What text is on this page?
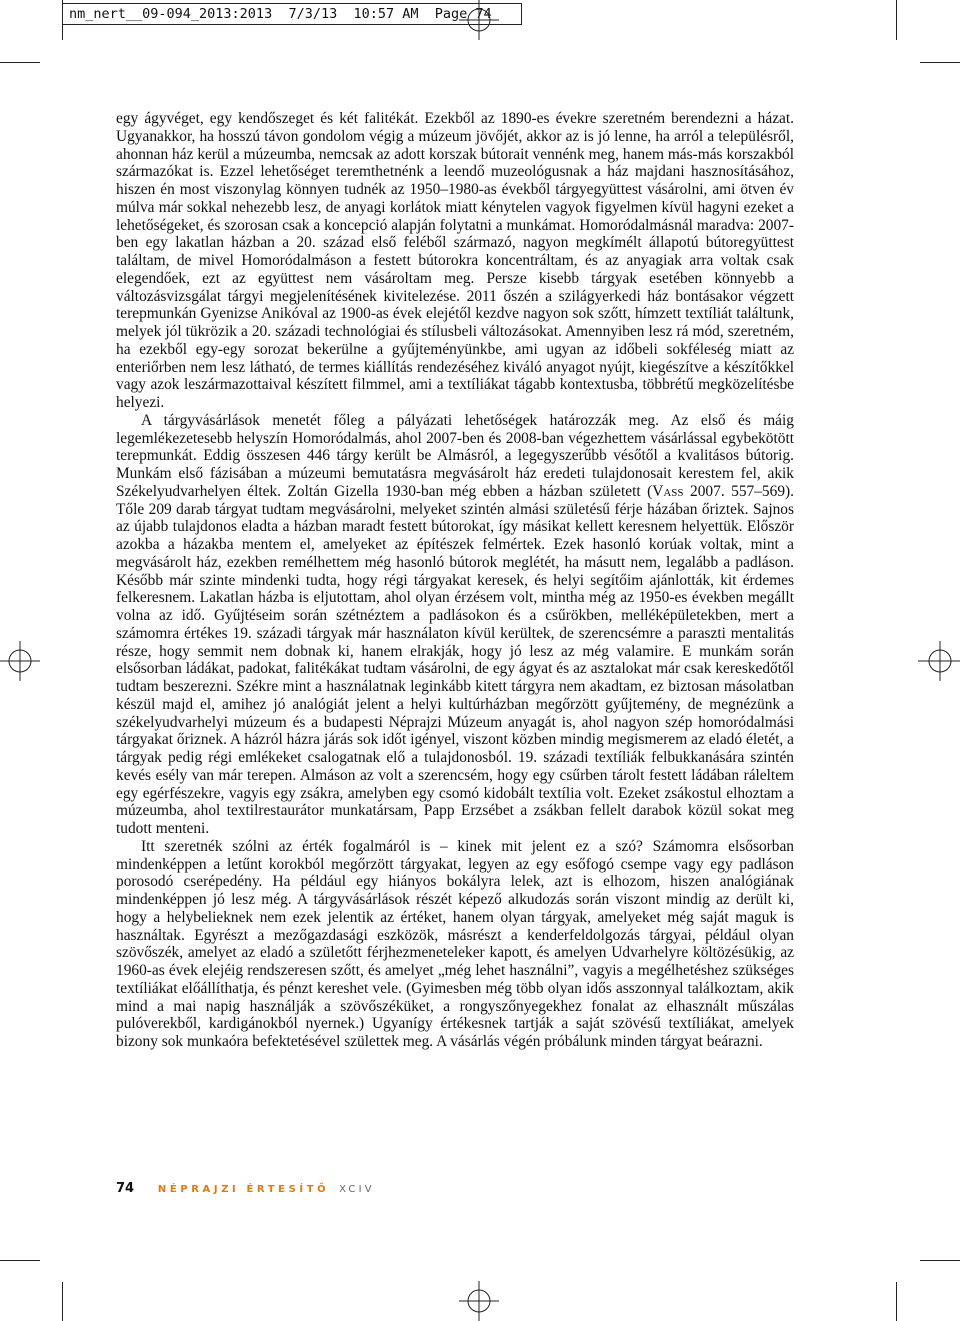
nm_nert__09-094_2013:2013  7/3/13  10:57 AM  Page 74

egy ágyvéget, egy kendőszeget és két falitékát. Ezekből az 1890-es évekre szeretném berendezni a házat. Ugyanakkor, ha hosszú távon gondolom végig a múzeum jövőjét, akkor az is jó lenne, ha arról a településről, ahonnan ház kerül a múzeumba, nemcsak az adott korszak bútorait vennénk meg, hanem más-más korszakból származókat is. Ezzel lehetőséget teremthetnénk a leendő muzeológusnak a ház majdani hasznosításához, hiszen én most viszonylag könnyen tudnék az 1950–1980-as évekből tárgyegyüttest vásárolni, ami ötven év múlva már sokkal nehezebb lesz, de anyagi korlátok miatt kénytelen vagyok figyelmen kívül hagyni ezeket a lehetőségeket, és szorosan csak a koncepció alapján folytatni a munkámat. Homoródalmásnál maradva: 2007-ben egy lakatlan házban a 20. század első feléből származó, nagyon megkímélt állapotú bútoregyüttest találtam, de mivel Homoródalmáson a festett bútorokra koncentráltam, és az anyagiak arra voltak csak elegendőek, ezt az együttest nem vásároltam meg. Persze kisebb tárgyak esetében könnyebb a változásvizsgálat tárgyi megjelenítésének kivitelezése. 2011 őszén a szilágyerkedi ház bontásakor végzett terepmunkán Gyenizse Anikóval az 1900-as évek elejétől kezdve nagyon sok szőtt, hímzett textíliát találtunk, melyek jól tükrözik a 20. századi technológiai és stílusbeli változásokat. Amennyiben lesz rá mód, szeretném, ha ezekből egy-egy sorozat bekerülne a gyűjteményünkbe, ami ugyan az időbeli sokféleség miatt az enteriőrben nem lesz látható, de termes kiállítás rendezéséhez kiváló anyagot nyújt, kiegészítve a készítőkkel vagy azok leszármazottaival készített filmmel, ami a textíliákat tágabb kontextusba, többrétű megközelítésbe helyezi.

A tárgyvásárlások menetét főleg a pályázati lehetőségek határozzák meg. Az első és máig legemlékezetesebb helyszín Homoródalmás, ahol 2007-ben és 2008-ban végezhettem vásárlással egybekötött terepmunkát. Eddig összesen 446 tárgy került be Almásról, a legegyszerűbb vésőtől a kvalitásos bútorig. Munkám első fázisában a múzeumi bemutatásra megvásárolt ház eredeti tulajdonosait kerestem fel, akik Székelyudvarhelyen éltek. Zoltán Gizella 1930-ban még ebben a házban született (Vass 2007. 557–569). Tőle 209 darab tárgyat tudtam megvásárolni, melyeket szintén almási születésű férje házában őriztek. Sajnos az újabb tulajdonos eladta a házban maradt festett bútorokat, így másikat kellett keresnem helyettük. Először azokba a házakba mentem el, amelyeket az építészek felmértek. Ezek hasonló korúak voltak, mint a megvásárolt ház, ezekben remélhettem még hasonló bútorok meglétét, ha másutt nem, legalább a padláson. Később már szinte mindenki tudta, hogy régi tárgyakat keresek, és helyi segítőim ajánlották, kit érdemes felkeresnem. Lakatlan házba is eljutottam, ahol olyan érzésem volt, mintha még az 1950-es években megállt volna az idő. Gyűjtéseim során szétnéztem a padlásokon és a csűrökben, melléképületekben, mert a számomra értékes 19. századi tárgyak már használaton kívül kerültek, de szerencsémre a paraszti mentalitás része, hogy semmit nem dobnak ki, hanem elrakják, hogy jó lesz az még valamire. E munkám során elsősorban ládákat, padokat, falitékákat tudtam vásárolni, de egy ágyat és az asztalokat már csak kereskedőtől tudtam beszerezni. Székre mint a használatnak leginkább kitett tárgyra nem akadtam, ez biztosan másolatban készül majd el, amihez jó analógiát jelent a helyi kultúrházban megőrzött gyűjtemény, de megnézünk a székelyudvarhelyi múzeum és a budapesti Néprajzi Múzeum anyagát is, ahol nagyon szép homoródalmási tárgyakat őriznek. A házról házra járás sok időt igényel, viszont közben mindig megismerem az eladó életét, a tárgyak pedig régi emlékeket csalogatnak elő a tulajdonosból. 19. századi textíliák felbukkanására szintén kevés esély van már terepen. Almáson az volt a szerencsém, hogy egy csűrben tárolt festett ládában ráleltem egy egérfészekre, vagyis egy zsákra, amelyben egy csomó kidobált textília volt. Ezeket zsákostul elhoztam a múzeumba, ahol textilrestaurátor munkatársam, Papp Erzsébet a zsákban fellelt darabok közül sokat meg tudott menteni.

Itt szeretnék szólni az érték fogalmáról is – kinek mit jelent ez a szó? Számomra elsősorban mindenképpen a letűnt korokból megőrzött tárgyakat, legyen az egy esőfogó csempe vagy egy padláson porosodó cserépedény. Ha például egy hiányos bokályra lelek, azt is elhozom, hiszen analógiának mindenképpen jó lesz még. A tárgyvásárlások részét képező alkudozás során viszont mindig az derült ki, hogy a helybelieknek nem ezek jelentik az értéket, hanem olyan tárgyak, amelyeket még saját maguk is használtak. Egyrészt a mezőgazdasági eszközök, másrészt a kenderfeldolgozás tárgyai, például olyan szövőszék, amelyet az eladó a születőtt férjhezmeneteleker kapott, és amelyen Udvarhelyre költözésükig, az 1960-as évek elejéig rendszeresen szőtt, és amelyet „még lehet használni”, vagyis a megélhetéshez szükséges textíliákat előállíthatja, és pénzt kereshet vele. (Gyimesben még több olyan idős asszonnyal találkoztam, akik mind a mai napig használják a szövőszéküket, a rongyszőnyegekhez fonalat az elhasznált műszálas pulóverekből, kardigánokból nyernek.) Ugyanígy értékesnek tartják a saját szövésű textíliákat, amelyek bizony sok munkaóra befektetésével születtek meg. A vásárlás végén próbálunk minden tárgyat beárazni.

74 NÉPRAJZI ÉRTESÍTŐ XCIV
